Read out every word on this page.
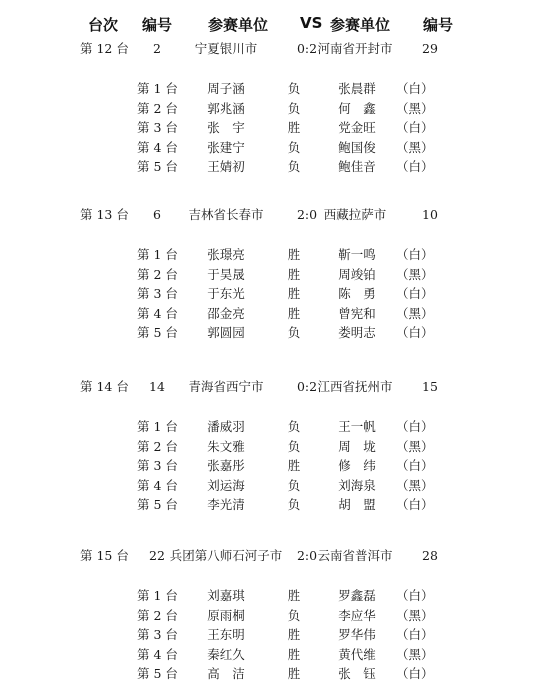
台次 编号 参赛单位 VS 参赛单位 编号
第 12 台 2	宁夏银川市	0:2 河南省开封市 29
第 1 台 周子涵	负	张晨群 （白）
第 2 台 郭兆涵	负	何　鑫 （黑）
第 3 台 张　宇	胜	党金旺 （白）
第 4 台 张建宁	负	鲍国俊 （黑）
第 5 台 王婧初	负	鲍佳音 （白）
第 13 台 6 吉林省长春市	2:0 西藏拉萨市	10
第 1 台 张璟亮	胜	靳一鸣 （白）
第 2 台 于昊晟	胜	周竣铂 （黑）
第 3 台 于东光	胜	陈　勇 （白）
第 4 台 邵金亮	胜	曾宪和 （黑）
第 5 台 郭圆园	负	娄明志 （白）
第 14 台 14 青海省西宁市	0:2 江西省抚州市 15
第 1 台 潘威羽	负	王一帆 （白）
第 2 台 朱文雅	负	周　垅 （黑）
第 3 台 张嘉彤	胜	修　纬 （白）
第 4 台 刘运海	负	刘海泉 （黑）
第 5 台 李光清	负	胡　盟 （白）
第 15 台 22 兵团第八师石河子市 2:0 云南省普洱市 28
第 1 台 刘嘉琪	胜	罗鑫磊 （白）
第 2 台 原雨桐	负	李应华 （黑）
第 3 台 王东明	胜	罗华伟 （白）
第 4 台 秦红久	胜	黄代维 （黑）
第 5 台 高　洁	胜	张　钰 （白）
